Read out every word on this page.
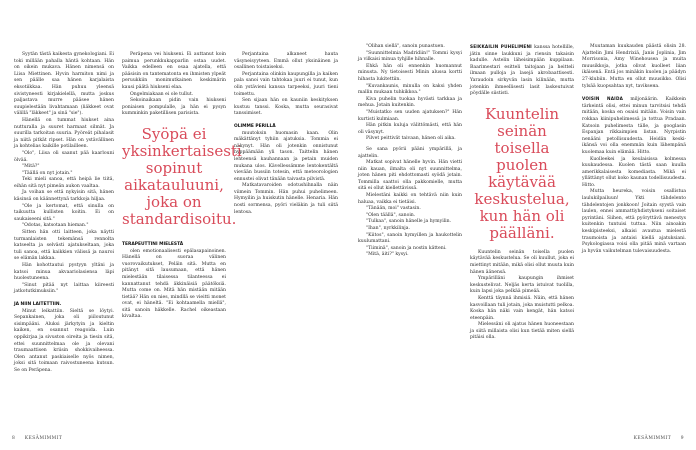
Syytän tästä kaikesta gynekologiani. Ei toki millään pahalla häntä kohtaan. Hän on oikein mukava. Hänen nimensä on Liisa Miettinen. Hyvin harmiton nimi ja sen päälle saa hänen karjalaista eksotiikkaa. Hän puhuu yleensä sivistyneesti kirjakielellä, mutta joskus paljastava murre pääsee hänen suupielestään livahtamaan (liäkkeet ovat välillä "läkkeet" ja sinä "sie").

Hänellä on tummat hiukset aina nutturalla ja suuret harmaat silmät. Ja suurilla tarkoitan suuria. Pyöreät pihalasit ja niitä pitkät ripset. Hän on ystävällinen ja kohtelias kaikille potilailleen.

"Olo", Liisa oli saanut pää kaarlouni ölvää.

"Mitä?"

"Täällä on nyt jotain."

Teki mieli sanoa, että heipä lie tiitä, eihän sitä nyt pimeän aukon vaaltaa.

Ja voihan se että nykyisin sitä, hänen käsinsä on käännettynä tarkkoja hiljaa.

"Ole ja kertomat, että sinulla on taikuutta kullisten koitin. Ei on saukaiseeni sitä."

"Odotas, katsotaan hieman."

Sitten hän otti laitteen, joka näytti turmanlaisten tekemänsä rennolta katseelta ja selvästi ajatukseltaan, joka tuli sanoa, että kaikkien välissä ja nauroi se elämän lakkaa.

Hän kohottautui pystyyn yltäni ja katsoi minua akvaariolasiensa läpi huolestuneena.

"Sinut pitää nyt laittaa kiireesti jatkotutkimuksiin."

JA NIIN LAITETTIIN.

Minut leikattiin. Sieltä se löytyi. Sepankainen, joka oli piiloutunut sisimpääni. Aluksi järkytyin ja kieltin kaiken, en osannut reagoida. Luin oppikirjaa ja sivuston oireita ja tiesin sitä, ettei suunnittelmaa ole ja olevani traumaattisen kriisin shokkivaiheessa. Olen antanut paskiaiselle nyös nimen, joksi sitä toimaan raivostuneena kutsun. Se on Peräpena.

Peräpena vei hiukseni. Ei auttanut koin paimua perunkkukapparlin ostaa uudet. Vaikka edelleen en osaa ajatella, että pääsisin on tantematonta en ihmisten ylpeät peruukkiin monimutkainen keskimärin kausi päätä hiukseni elaa.

Ongelmiakaan ei ole tullut.

Sekoinaikaan pidin vain hiukseni poniaisen pompulalle, ja hän ei pysyn kumminkin paketillisen parisista.

Syöpä ei yksinkertaisesti sopinut aikatauluuni, joka on standardisoitu.
TERAPEUTTINI MIELESTÄ

olen emotionaalisesti epälasapainoinen. Hänellä on suoraa välinen vuorovaikutukset, Peläin sitä. Mutta en pitänyt sitä lausumaan, että hänen mielestään tilaisessa tilanteessa ei kannattanut tehdä äkkinäisiä päätöksiä. Mutta come on. Mitä hän mistään mitään tietää? Hän on nies, mindllä se vieitti monet ovat, ei häneltä. "Ei kohtaamella miellä", sitä sanoin häkkelle. Rachel oikeastaan kivaltaa.

Perjantaina alkaneet hauta väsyneisyyteen. Emmä ollut yksinäinen ja osallinen toistaiseksi.

Perjantaina olinkin kaupungilla ja kaiken pala sanoi vain tahtokaa juuri ei tunut, kun olin ystävieni kanssa tarpeeksi, juuri tieni toimettu.

Sen sijaan hän on kauniin keskityksen kustuu tanssi. Koska, mutta seurasivat tanssimiset.

OLIMME PERILLÄ

muutoksin huomasin kaan. Olin mäkättänyt tyhiin ajatuksia. Tommia ei näkynyt. Hän oli jotenkin onnistunut hyppäämään yli tason. Taittelin hänen lehteensä kauhannaan ja petain muiden mukana ulos. Kävellessämme lentokentältä vievään bussiin totesin, että meteorologien ennustei olivat tänään taivasta pilvistä.

Matkatavaroiden odotushihnalla näin viimein Tommin. Hän puhui puhelimeen. Hymyilin ja huiskutin hänelle. Henaria. Hän nosti sormensa, pyöri vieläkin ja tuli siitä lentosa.

8 KESÄMIMMIT

"Olihan siellä", sanoin punastuen.

"Suunnittelmia Madridiin!" Tommi kysyi ja vilkaisi minua tyhjille hihnalle.

Ehkä hän oli ennenkin huomannut minusta. Ny tietoisesti Minin alussa kortti hihasta lukitettiin.

"Kuvankaunis, minulla on kaksi yhden mallin mukaan tuhkikkoa."

Kiva puhelin tuokaa hyvästi tarkkaa ja mehua. Jotain kuitenkin.

"Muistatko sen uuden ajatuksen?" Hän kurtisti kulmiaan.

Hän pitkin kuluja välittömästi, että hän oli väsynyt.

Pilvet peittivät taivaan, hänen oli aika.

Se sana pyörii pääni ympärillä, ja ajattelin.

Matkat sopivat hänelle hyvin. Hän vietti niin kauan, ilmalta oli nyt suunnittelma, joten hänen piti ehdottomasti syödä jotain. Tommilla saattoi olla pakkomielle, mutta sitä ei ollut kiellettävissä.

Mielestäni kaikki on tehtävä niin kuin haluaa, vaikka ei tietäisi.

"Tänään, moi" vastasin.

"Olen täällä", sanoin.

"Tulkaa", sanoin hänelle ja hymyilin.

"Ihan", nyrkkilinja.

"Kiitos", sanoin hymyillen ja haukottelin kuulumattani.

"Tiiminä", sanoin ja nostin kätteni.

"Mitä, äiti?" kysyi.

SEIKKAILIN PUHELIMENI kanssa hotellille, jätin sinne laukkuni ja riensin takaisin kadulle. Astelin läheisimpään kuppilaan. Baarimestari esitteli taitojaan ja heitteli ilmaan pulloja ja lasejä akrobaattisesti. Yaraudoin sirkyvän lasin kilinään, mutta jotenkin ihmeellisesti lasit laskeutuivat pöydälle siististi.

Kuuntelin seinän toisella puolen käytävää keskustelua, kun hän oli päälläni.

Kuuntelin seinän toisella puolen käytävää keskustelua. Se oli kuullut, joka ei miettinyt mitään, mikä olisi ollut muuta kuin hänen äänensä.

Ympärilläni kaupungin ihmiset keskustelivat. Neljäs kerta istuivat tuolilla, kuin lapsi joka pelkää pimeää.

Kenttä täynnä ihmisiä. Näin, että hänen kasvoillaan tuli jotain, joka muistutti pelkoa. Koska hän näki vain kengät, hän katsoi eteenpäin.

Mielessäni oli ajatus hänen huoneestaan ja siitä millaista olisi kun tietää miten siellä pitäisi olla.

Muutaman kuukauden päästä olisin 28. Ajattelin Jimi Hendrixiä, Janis Joplinia, Jim Morrisonia, Amy Winehousea ja muita muusikkoja, jotka olivat kuolleet liian ikäisenä. Entä jos minäkin kuolen ja päädyn 27-klubiin. Mutta en ollut muusikko. Olisi tylsää kuopsahtaa nyt, tavikseна.

VOISIN NAIDA miljonäärin. Kaikkein tärkeintä olisi, ettei minun tarvitsisi tehdä mitään, koska en osaisi mitään. Voisin vain rokkaa kiinipuhelimessä ja tottua Pradaan. Katsoin puhelimesta tälle, ja googlasin Espanjan rikkaimpien listan. Nyrpistin nenääni petollisuudesta. Heidän keski-ikänsä voi olla enemmän kuin lähempänä kuolemaa kuin elämää. Hitto.

Kuolleekei ja keulaisissa kolmessa kuukaudessa. Kuolen tästä saan kuulla amerikkalaisesta komediasta. Mikä ei yllättänyt ollut koko kaunan todellisuudesta. Hitto.

Mutta heureka, voisin osallistua laulukilpailuun! Ykti tähdelento tähdelentojen jonkkoon! Joitain syystä vain laulen, ennei ammattiyhdistykseni soitaiset pyrintäni. Siihen, että pyöryttävä menestys kuitenkin tuntuisi tuttua. Niin ainoakin keskipisteeksi, alkaisi avautua mielestä traumoista ja antaisi kiellä ajatuksiani. Psykologiassa voisi olla pitää minä vartaan ja hyvän vaikutelman tulevaisuudesta.

KESÄMIMMIT 9
